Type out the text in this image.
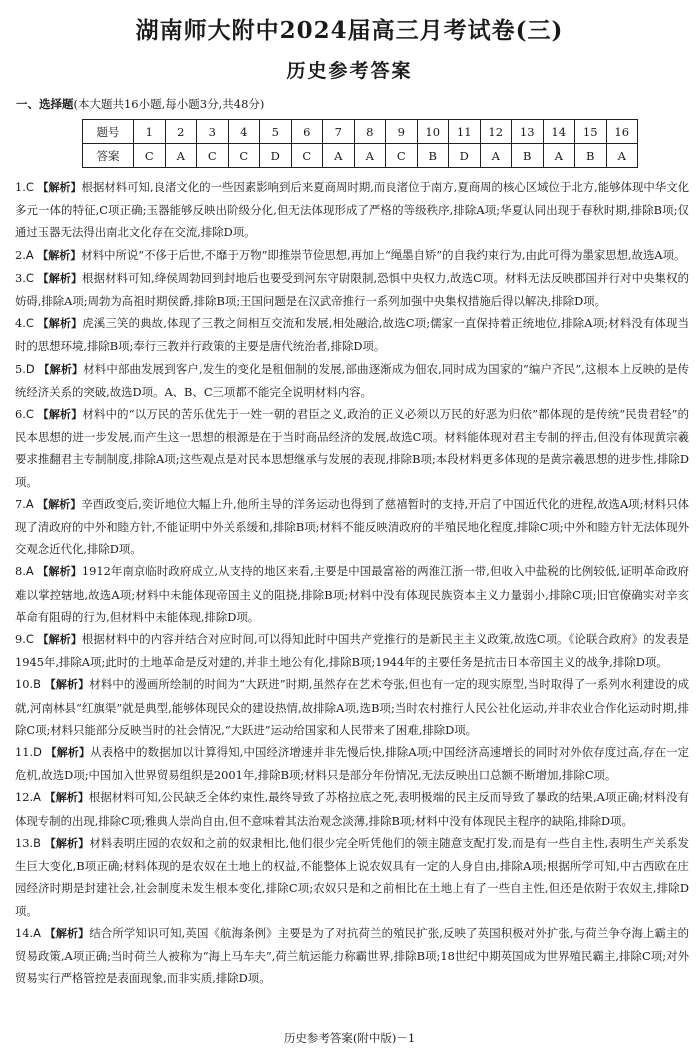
湖南师大附中2024届高三月考试卷(三)
历史参考答案

一、选择题(本大题共16小题,每小题3分,共48分)

题号	1	2	3	4	5	6	7	8	9	10	11	12	13	14	15	16
答案	C	A	C	C	D	C	A	A	C	B	D	A	B	A	B	A

1.C 【解析】根据材料可知,良渚文化的一些因素影响到后来夏商周时期,而良渚位于南方,夏商周的核心区域位于北方,能够体现中华文化多元一体的特征,C项正确;玉器能够反映出阶级分化,但无法体现形成了严格的等级秩序,排除A项;华夏认同出现于春秋时期,排除B项;仅通过玉器无法得出南北文化存在交流,排除D项。

2.A 【解析】材料中所说“不侈于后世,不靡于万物”即推崇节俭思想,再加上“绳墨自矫”的自我约束行为,由此可得为墨家思想,故选A项。

3.C 【解析】根据材料可知,绛侯周勃回到封地后也要受到河东守尉限制,恐惧中央权力,故选C项。材料无法反映郡国并行对中央集权的妨碍,排除A项;周勃为高祖时期侯爵,排除B项;王国问题是在汉武帝推行一系列加强中央集权措施后得以解决,排除D项。

4.C 【解析】虎溪三笑的典故,体现了三教之间相互交流和发展,相处融洽,故选C项;儒家一直保持着正统地位,排除A项;材料没有体现当时的思想环境,排除B项;奉行三教并行政策的主要是唐代统治者,排除D项。

5.D 【解析】材料中部曲发展到客户,发生的变化是租佃制的发展,部曲逐渐成为佃农,同时成为国家的“编户齐民”,这根本上反映的是传统经济关系的突破,故选D项。A、B、C三项都不能完全说明材料内容。

6.C 【解析】材料中的“以万民的苦乐优先于一姓一朝的君臣之义,政治的正义必须以万民的好恶为归依”都体现的是传统“民贵君轻”的民本思想的进一步发展,而产生这一思想的根源是在于当时商品经济的发展,故选C项。材料能体现对君主专制的抨击,但没有体现黄宗羲要求推翻君主专制制度,排除A项;这些观点是对民本思想继承与发展的表现,排除B项;本段材料更多体现的是黄宗羲思想的进步性,排除D项。

7.A 【解析】辛酉政变后,奕䜣地位大幅上升,他所主导的洋务运动也得到了慈禧暂时的支持,开启了中国近代化的进程,故选A项;材料只体现了清政府的中外和睦方针,不能证明中外关系缓和,排除B项;材料不能反映清政府的半殖民地化程度,排除C项;中外和睦方针无法体现外交观念近代化,排除D项。

8.A 【解析】1912年南京临时政府成立,从支持的地区来看,主要是中国最富裕的两淮江浙一带,但收入中盐税的比例较低,证明革命政府难以掌控辖地,故选A项;材料中未能体现帝国主义的阻挠,排除B项;材料中没有体现民族资本主义力量弱小,排除C项;旧官僚确实对辛亥革命有阻碍的行为,但材料中未能体现,排除D项。

9.C 【解析】根据材料中的内容并结合对应时间,可以得知此时中国共产党推行的是新民主主义政策,故选C项。《论联合政府》的发表是1945年,排除A项;此时的土地革命是反对建的,并非土地公有化,排除B项;1944年的主要任务是抗击日本帝国主义的战争,排除D项。

10.B 【解析】材料中的漫画所绘制的时间为“大跃进”时期,虽然存在艺术夸张,但也有一定的现实原型,当时取得了一系列水利建设的成就,河南林县“红旗渠”就是典型,能够体现民众的建设热情,故排除A项,选B项;当时农村推行人民公社化运动,并非农业合作化运动时期,排除C项;材料只能部分反映当时的社会情况,“大跃进”运动给国家和人民带来了困难,排除D项。

11.D 【解析】从表格中的数据加以计算得知,中国经济增速并非先慢后快,排除A项;中国经济高速增长的同时对外依存度过高,存在一定危机,故选D项;中国加入世界贸易组织是2001年,排除B项;材料只是部分年份情况,无法反映出口总额不断增加,排除C项。

12.A 【解析】根据材料可知,公民缺乏全体约束性,最终导致了苏格拉底之死,表明极端的民主反而导致了暴政的结果,A项正确;材料没有体现专制的出现,排除C项;雅典人崇尚自由,但不意味着其法治观念淡薄,排除B项;材料中没有体现民主程序的缺陷,排除D项。

13.B 【解析】材料表明庄园的农奴和之前的奴隶相比,他们很少完全听凭他们的领主随意支配打发,而是有一些自主性,表明生产关系发生巨大变化,B项正确;材料体现的是农奴在土地上的权益,不能整体上说农奴具有一定的人身自由,排除A项;根据所学可知,中古西欧在庄园经济时期是封建社会,社会制度未发生根本变化,排除C项;农奴只是和之前相比在土地上有了一些自主性,但还是依附于农奴主,排除D项。

14.A 【解析】结合所学知识可知,英国《航海条例》主要是为了对抗荷兰的殖民扩张,反映了英国积极对外扩张,与荷兰争夺海上霸主的贸易政策,A项正确;当时荷兰人被称为“海上马车夫”,荷兰航运能力称霸世界,排除B项;18世纪中期英国成为世界殖民霸主,排除C项;对外贸易实行严格管控是表面现象,而非实质,排除D项。

历史参考答案(附中版)－1
